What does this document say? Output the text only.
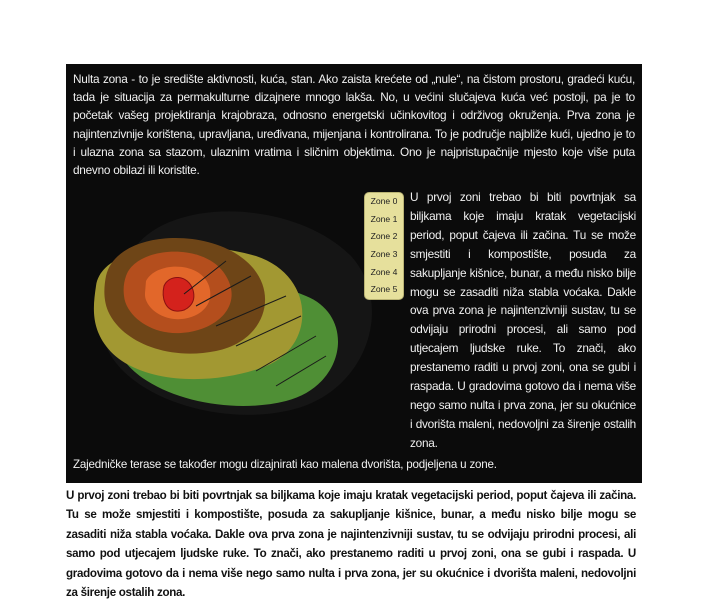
Nulta zona - to je središte aktivnosti, kuća, stan. Ako zaista krećete od „nule“, na čistom prostoru, gradeći kuću, tada je situacija za permakulturne dizajnere mnogo lakša. No, u većini slučajeva kuća već postoji, pa je to početak vašeg projektiranja krajobraza, odnosno energetski učinkovitog i održivog okruženja. Prva zona je najintenzivnije korištena, upravljana, uređivana, mijenjana i kontrolirana. To je područje najbliže kući, ujedno je to i ulazna zona sa stazom, ulaznim vratima i sličnim objektima. Ono je najpristupačnije mjesto koje više puta dnevno obilazi ili koristite.
Zone 0
Zone 1
Zone 2
Zone 3
Zone 4
Zone 5
U prvoj zoni trebao bi biti povrtnjak sa biljkama koje imaju kratak vegetacijski period, poput čajeva ili začina. Tu se može smjestiti i kompostište, posuda za sakupljanje kišnice, bunar, a među nisko bilje mogu se zasaditi niža stabla voćaka. Dakle ova prva zona je najintenzivniji sustav, tu se odvijaju prirodni procesi, ali samo pod utjecajem ljudske ruke. To znači, ako prestanemo raditi u prvoj zoni, ona se gubi i raspada. U gradovima gotovo da i nema više nego samo nulta i prva zona, jer su okućnice i dvorišta maleni, nedovoljni za širenje ostalih zona.
Zajedničke terase se također mogu dizajnirati kao malena dvorišta, podjeljena u zone.
U prvoj zoni trebao bi biti povrtnjak sa biljkama koje imaju kratak vegetacijski period, poput čajeva ili začina. Tu se može smjestiti i kompostište, posuda za sakupljanje kišnice, bunar, a među nisko bilje mogu se zasaditi niža stabla voćaka. Dakle ova prva zona je najintenzivniji sustav, tu se odvijaju prirodni procesi, ali samo pod utjecajem ljudske ruke. To znači, ako prestanemo raditi u prvoj zoni, ona se gubi i raspada. U gradovima gotovo da i nema više nego samo nulta i prva zona, jer su okućnice i dvorišta maleni, nedovoljni za širenje ostalih zona.
